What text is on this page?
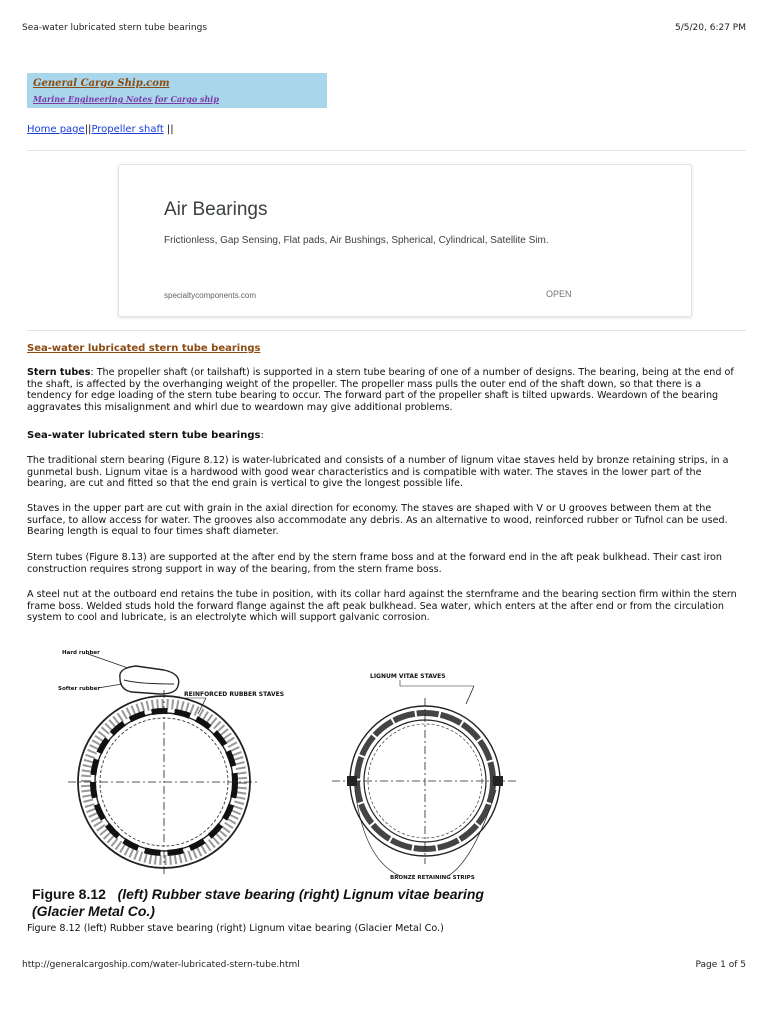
Sea-water lubricated stern tube bearings	5/5/20, 6:27 PM
General Cargo Ship.com
Marine Engineering Notes for Cargo ship
Home page||Propeller shaft ||
Air Bearings
Frictionless, Gap Sensing, Flat pads, Air Bushings, Spherical, Cylindrical, Satellite Sim.
specialtycomponents.com	OPEN
Sea-water lubricated stern tube bearings

Stern tubes: The propeller shaft (or tailshaft) is supported in a stern tube bearing of one of a number of designs. The bearing, being at the end of the shaft, is affected by the overhanging weight of the propeller. The propeller mass pulls the outer end of the shaft down, so that there is a tendency for edge loading of the stern tube bearing to occur. The forward part of the propeller shaft is tilted upwards. Weardown of the bearing aggravates this misalignment and whirl due to weardown may give additional problems.

Sea-water lubricated stern tube bearings:

The traditional stern bearing (Figure 8.12) is water-lubricated and consists of a number of lignum vitae staves held by bronze retaining strips, in a gunmetal bush. Lignum vitae is a hardwood with good wear characteristics and is compatible with water. The staves in the lower part of the bearing, are cut and fitted so that the end grain is vertical to give the longest possible life.

Staves in the upper part are cut with grain in the axial direction for economy. The staves are shaped with V or U grooves between them at the surface, to allow access for water. The grooves also accommodate any debris. As an alternative to wood, reinforced rubber or Tufnol can be used. Bearing length is equal to four times shaft diameter.

Stern tubes (Figure 8.13) are supported at the after end by the stern frame boss and at the forward end in the aft peak bulkhead. Their cast iron construction requires strong support in way of the bearing, from the stern frame boss.

A steel nut at the outboard end retains the tube in position, with its collar hard against the sternframe and the bearing section firm within the stern frame boss. Welded studs hold the forward flange against the aft peak bulkhead. Sea water, which enters at the after end or from the circulation system to cool and lubricate, is an electrolyte which will support galvanic corrosion.

Hard rubber
Softer rubber
REINFORCED RUBBER STAVES
LIGNUM VITAE STAVES
BRONZE RETAINING STRIPS
Figure 8.12 (left) Rubber stave bearing (right) Lignum vitae bearing (Glacier Metal Co.)
Figure 8.12 (left) Rubber stave bearing (right) Lignum vitae bearing (Glacier Metal Co.)
http://generalcargoship.com/water-lubricated-stern-tube.html	Page 1 of 5
